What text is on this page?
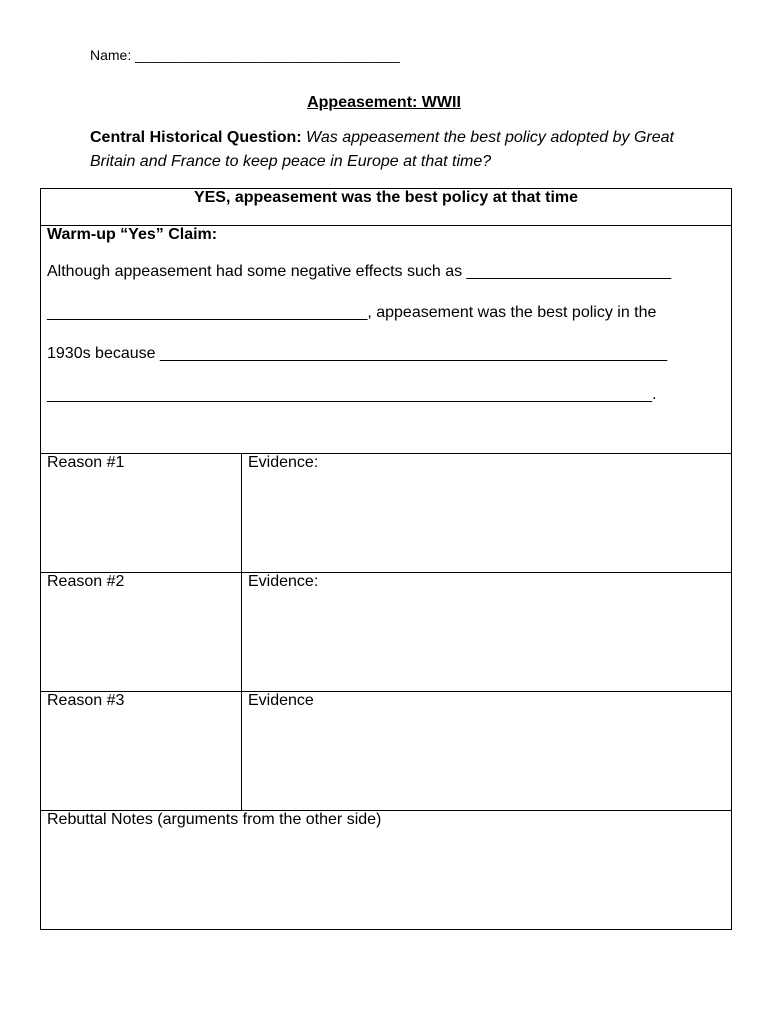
Name: __________________________________
Appeasement: WWII
Central Historical Question: Was appeasement the best policy adopted by Great Britain and France to keep peace in Europe at that time?
YES, appeasement was the best policy at that time	

Warm-up “Yes” Claim:
Although appeasement had some negative effects such as _______________________
____________________________________, appeasement was the best policy in the
1930s because _________________________________________________________
____________________________________________________________________.	

Reason #1	Evidence:
Reason #2	Evidence:
Reason #3	Evidence
Rebuttal Notes (arguments from the other side)	
